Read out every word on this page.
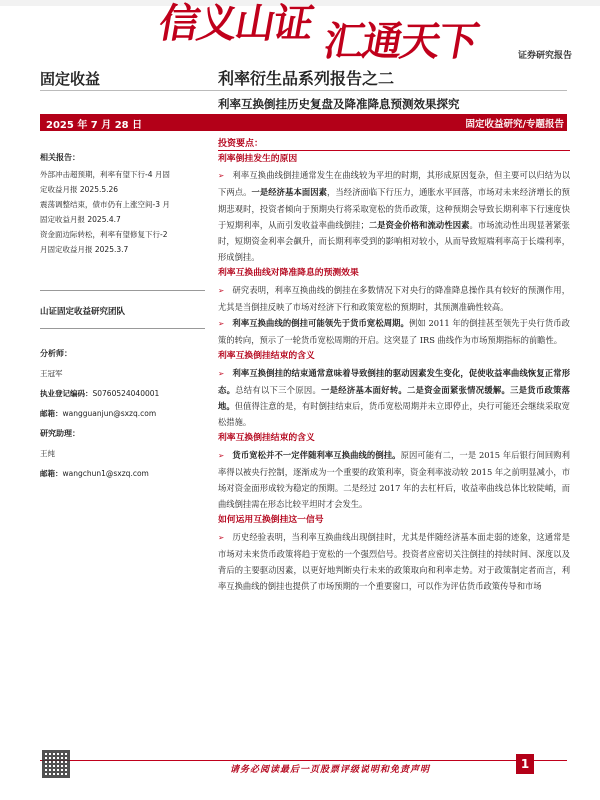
信义山证 汇通天下	证券研究报告
固定收益	利率衍生品系列报告之二
利率互换倒挂历史复盘及降准降息预测效果探究
2025 年 7 月 28 日	固定收益研究/专题报告
相关报告：
外部冲击超预期，利率有望下行-4 月固
定收益月报 2025.5.26
震荡调整结束，债市仍有上涨空间-3 月
固定收益月报 2025.4.7
资金面边际转松，利率有望修复下行-2
月固定收益月报 2025.3.7
山证固定收益研究团队
分析师：
王冠军
执业登记编码：S0760524040001
邮箱：wangguanjun@sxzq.com
研究助理：
王纯
邮箱：wangchun1@sxzq.com
投资要点：
利率倒挂发生的原因
➢ 利率互换曲线倒挂通常发生在曲线较为平坦的时期，其形成原因复杂，但主要可以归结为以下两点。一是经济基本面因素，当经济面临下行压力，通胀水平回落，市场对未来经济增长的预期悲观时，投资者倾向于预期央行将采取宽松的货币政策，这种预期会导致长期利率下行速度快于短期利率，从而引发收益率曲线倒挂；二是资金价格和流动性因素。市场流动性出现显著紧张时，短期资金利率会飙升，而长期利率受到的影响相对较小，从而导致短端利率高于长端利率，形成倒挂。
利率互换曲线对降准降息的预测效果
➢ 研究表明，利率互换曲线的倒挂在多数情况下对央行的降准降息操作具有较好的预测作用，尤其是当倒挂反映了市场对经济下行和政策宽松的预期时，其预测准确性较高。
➢ 利率互换曲线的倒挂可能领先于货币宽松周期。例如 2011 年的倒挂甚至领先于央行货币政策的转向，预示了一轮货币宽松周期的开启。这突显了 IRS 曲线作为市场预期指标的前瞻性。
利率互换倒挂结束的含义
➢ 利率互换倒挂的结束通常意味着导致倒挂的驱动因素发生变化，促使收益率曲线恢复正常形态。总结有以下三个原因。一是经济基本面好转。二是资金面紧张情况缓解。三是货币政策落地。但值得注意的是，有时倒挂结束后，货币宽松周期并未立即停止，央行可能还会继续采取宽松措施。
利率互换倒挂结束的含义
➢ 货币宽松并不一定伴随利率互换曲线的倒挂。原因可能有二，一是 2015 年后银行间回购利率得以被央行控制，逐渐成为一个重要的政策利率，资金利率波动较 2015 年之前明显减小，市场对资金面形成较为稳定的预期。二是经过 2017 年的去杠杆后，收益率曲线总体比较陡峭，而曲线倒挂需在形态比较平坦时才会发生。
如何运用互换倒挂这一信号
➢ 历史经验表明，当利率互换曲线出现倒挂时，尤其是伴随经济基本面走弱的迹象，这通常是市场对未来货币政策将趋于宽松的一个强烈信号。投资者应密切关注倒挂的持续时间、深度以及背后的主要驱动因素，以更好地判断央行未来的政策取向和利率走势。对于政策制定者而言，利率互换曲线的倒挂也提供了市场预期的一个重要窗口，可以作为评估货币政策传导和市场
请务必阅读最后一页股票评级说明和免责声明	1
